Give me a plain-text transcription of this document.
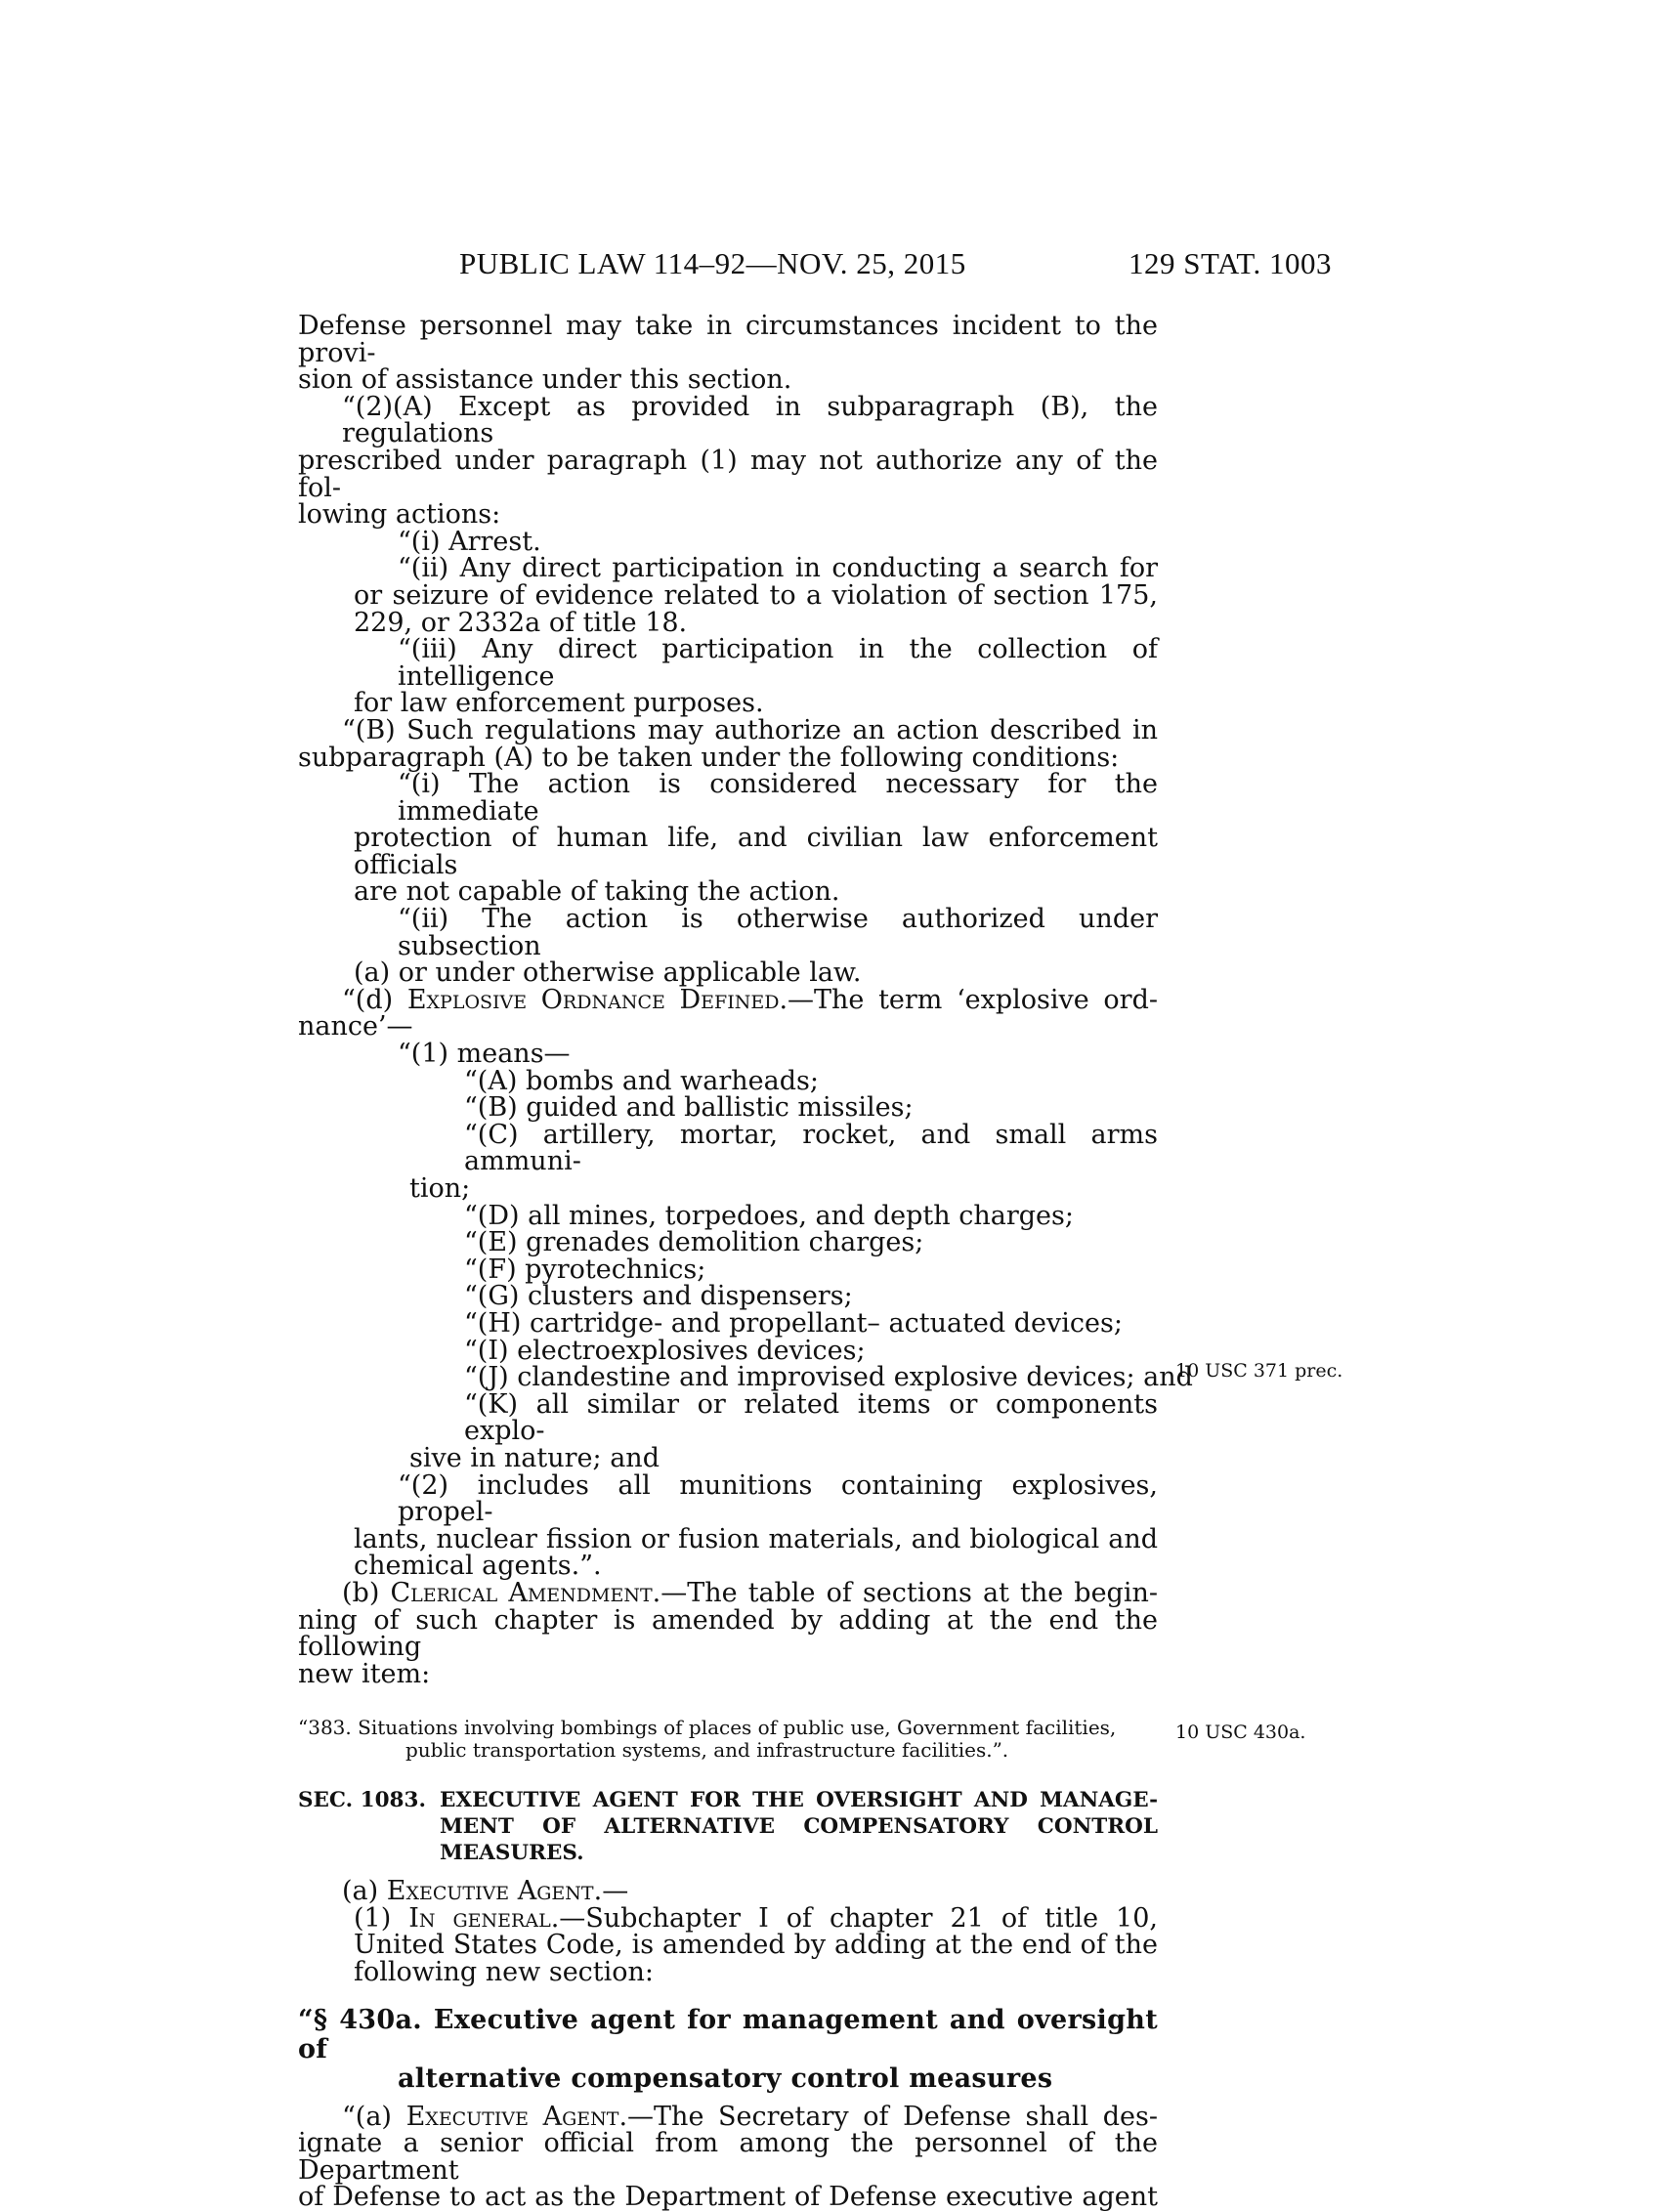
PUBLIC LAW 114–92—NOV. 25, 2015	129 STAT. 1003
Defense personnel may take in circumstances incident to the provi-
sion of assistance under this section.
“(2)(A) Except as provided in subparagraph (B), the regulations
prescribed under paragraph (1) may not authorize any of the fol-
lowing actions:
“(i) Arrest.
“(ii) Any direct participation in conducting a search for
or seizure of evidence related to a violation of section 175,
229, or 2332a of title 18.
“(iii) Any direct participation in the collection of intelligence
for law enforcement purposes.
“(B) Such regulations may authorize an action described in
subparagraph (A) to be taken under the following conditions:
“(i) The action is considered necessary for the immediate
protection of human life, and civilian law enforcement officials
are not capable of taking the action.
“(ii) The action is otherwise authorized under subsection
(a) or under otherwise applicable law.
“(d) Explosive Ordnance Defined.—The term ‘explosive ord-
nance’—
“(1) means—
“(A) bombs and warheads;
“(B) guided and ballistic missiles;
“(C) artillery, mortar, rocket, and small arms ammuni-
tion;
“(D) all mines, torpedoes, and depth charges;
“(E) grenades demolition charges;
“(F) pyrotechnics;
“(G) clusters and dispensers;
“(H) cartridge- and propellant– actuated devices;
“(I) electroexplosives devices;
“(J) clandestine and improvised explosive devices; and
“(K) all similar or related items or components explo-
sive in nature; and
“(2) includes all munitions containing explosives, propel-
lants, nuclear fission or fusion materials, and biological and
chemical agents.”.
(b) Clerical Amendment.—The table of sections at the begin-
ning of such chapter is amended by adding at the end the following
new item:
“383. Situations involving bombings of places of public use, Government facilities,
public transportation systems, and infrastructure facilities.”.
SEC. 1083. EXECUTIVE AGENT FOR THE OVERSIGHT AND MANAGE-
MENT OF ALTERNATIVE COMPENSATORY CONTROL
MEASURES.
(a) Executive Agent.—
(1) In general.—Subchapter I of chapter 21 of title 10,
United States Code, is amended by adding at the end of the
following new section:
“§ 430a. Executive agent for management and oversight of
alternative compensatory control measures
“(a) Executive Agent.—The Secretary of Defense shall des-
ignate a senior official from among the personnel of the Department
of Defense to act as the Department of Defense executive agent
10 USC 371 prec.
10 USC 430a.
